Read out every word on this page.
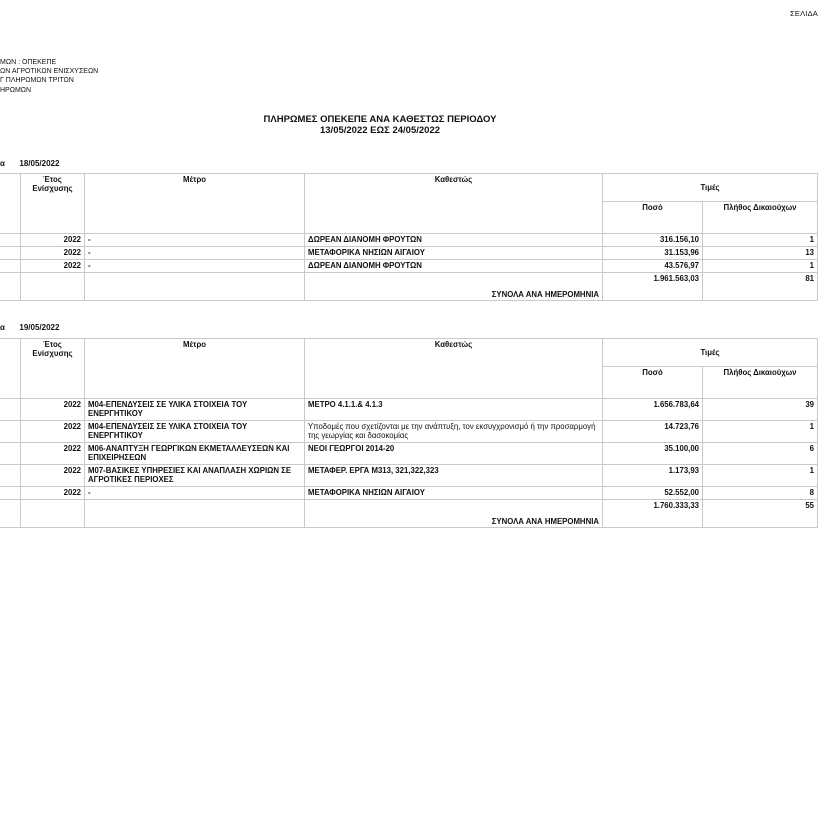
ΣΕΛΙΔΑ
ΜΩΝ : ΟΠΕΚΕΠΕ
ΩΝ ΑΓΡΟΤΙΚΩΝ ΕΝΙΣΧΥΣΕΩΝ
Γ ΠΛΗΡΩΜΩΝ ΤΡΙΤΩΝ
ΗΡΩΜΩΝ
ΠΛΗΡΩΜΕΣ ΟΠΕΚΕΠΕ ΑΝΑ ΚΑΘΕΣΤΩΣ ΠΕΡΙΟΔΟΥ
13/05/2022 ΕΩΣ 24/05/2022
α 18/05/2022
	Έτος Ενίσχυσης	Μέτρο	Καθεστώς	Τιμές	
				Ποσό	Πλήθος Δικαιούχων
	2022	-	ΔΩΡΕΑΝ ΔΙΑΝΟΜΗ ΦΡΟΥΤΩΝ	316.156,10	1
	2022	-	ΜΕΤΑΦΟΡΙΚΑ ΝΗΣΙΩΝ ΑΙΓΑΙΟΥ	31.153,96	13
	2022	-	ΔΩΡΕΑΝ ΔΙΑΝΟΜΗ ΦΡΟΥΤΩΝ	43.576,97	1
			ΣΥΝΟΛΑ ΑΝΑ ΗΜΕΡΟΜΗΝΙΑ	1.961.563,03	81
α 19/05/2022
	Έτος Ενίσχυσης	Μέτρο	Καθεστώς	Τιμές	
				Ποσό	Πλήθος Δικαιούχων
	2022	Μ04-ΕΠΕΝΔΥΣΕΙΣ ΣΕ ΥΛΙΚΑ ΣΤΟΙΧΕΙΑ ΤΟΥ ΕΝΕΡΓΗΤΙΚΟΥ	ΜΕΤΡΟ 4.1.1.& 4.1.3	1.656.783,64	39
	2022	Μ04-ΕΠΕΝΔΥΣΕΙΣ ΣΕ ΥΛΙΚΑ ΣΤΟΙΧΕΙΑ ΤΟΥ ΕΝΕΡΓΗΤΙΚΟΥ	Υποδομές που σχετίζονται με την ανάπτυξη, τον εκσυγχρονισμό ή την προσαρμογή της γεωργίας και δασοκομίας	14.723,76	1
	2022	Μ06-ΑΝΑΠΤΥΞΗ ΓΕΩΡΓΙΚΩΝ ΕΚΜΕΤΑΛΛΕΥΣΕΩΝ ΚΑΙ ΕΠΙΧΕΙΡΗΣΕΩΝ	ΝΕΟΙ ΓΕΩΡΓΟΙ 2014-20	35.100,00	6
	2022	Μ07-ΒΑΣΙΚΕΣ ΥΠΗΡΕΣΙΕΣ ΚΑΙ ΑΝΑΠΛΑΣΗ ΧΩΡΙΩΝ ΣΕ ΑΓΡΟΤΙΚΕΣ ΠΕΡΙΟΧΕΣ	ΜΕΤΑΦΕΡ. ΕΡΓΑ Μ313, 321,322,323	1.173,93	1
	2022	-	ΜΕΤΑΦΟΡΙΚΑ ΝΗΣΙΩΝ ΑΙΓΑΙΟΥ	52.552,00	8
			ΣΥΝΟΛΑ ΑΝΑ ΗΜΕΡΟΜΗΝΙΑ	1.760.333,33	55
